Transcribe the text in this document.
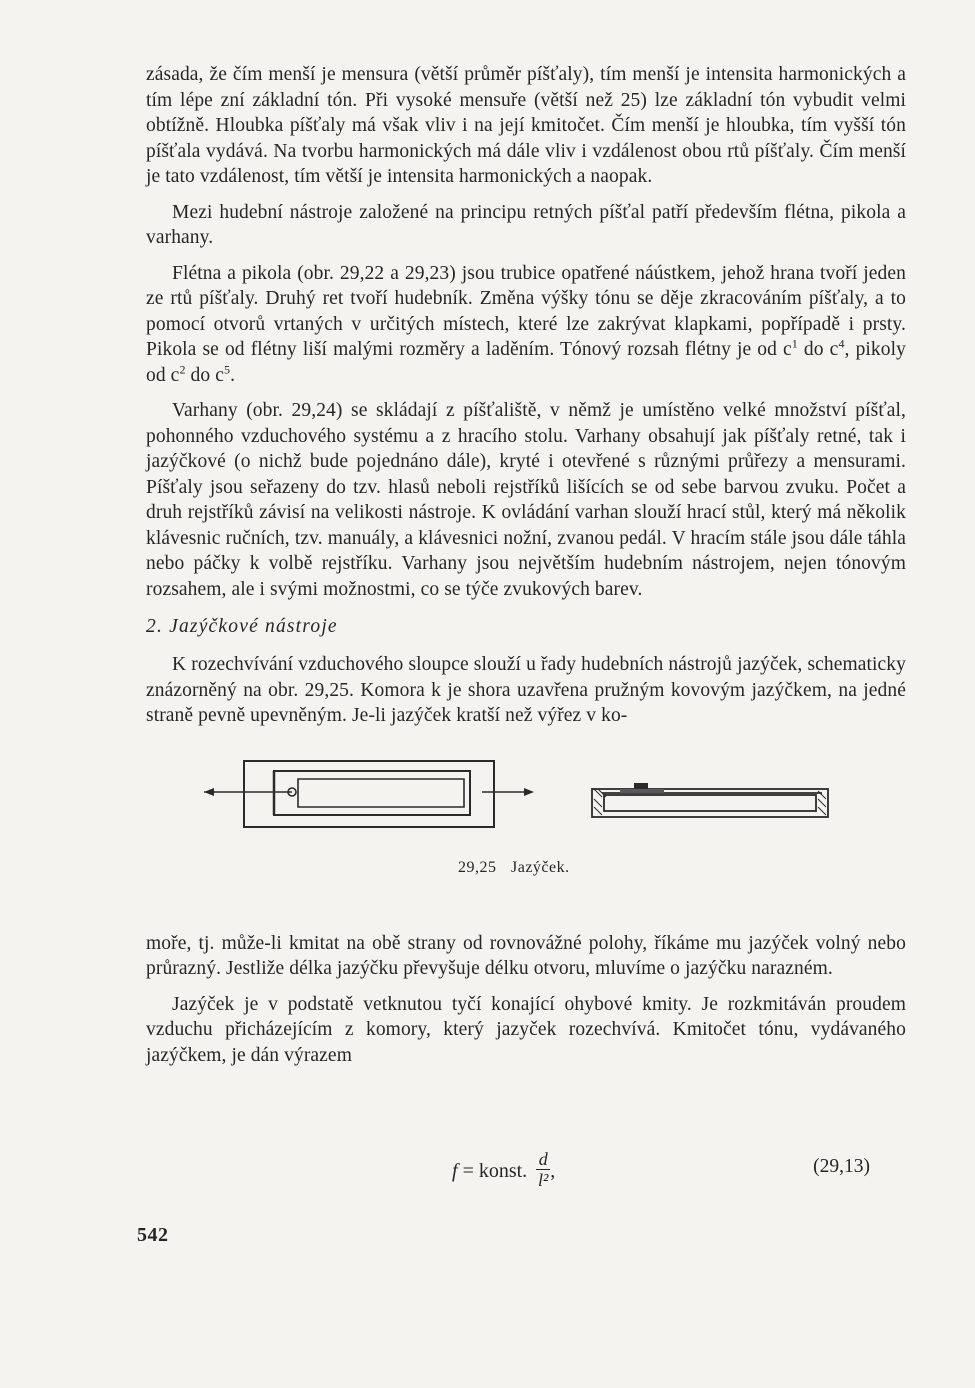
zásada, že čím menší je mensura (větší průměr píšťaly), tím menší je intensita harmonických a tím lépe zní základní tón. Při vysoké mensuře (větší než 25) lze základní tón vybudit velmi obtížně. Hloubka píšťaly má však vliv i na její kmitočet. Čím menší je hloubka, tím vyšší tón píšťala vydává. Na tvorbu harmonických má dále vliv i vzdálenost obou rtů píšťaly. Čím menší je tato vzdálenost, tím větší je intensita harmonických a naopak.

Mezi hudební nástroje založené na principu retných píšťal patří především flétna, pikola a varhany.

Flétna a pikola (obr. 29,22 a 29,23) jsou trubice opatřené náústkem, jehož hrana tvoří jeden ze rtů píšťaly. Druhý ret tvoří hudebník. Změna výšky tónu se děje zkracováním píšťaly, a to pomocí otvorů vrtaných v určitých místech, které lze zakrývat klapkami, popřípadě i prsty. Pikola se od flétny liší malými rozměry a laděním. Tónový rozsah flétny je od $c^1$ do $c^4$, pikoly od $c^2$ do $c^5$.

Varhany (obr. 29,24) se skládají z píšťaliště, v němž je umístěno velké množství píšťal, pohonného vzduchového systému a z hracího stolu. Varhany obsahují jak píšťaly retné, tak i jazýčkové (o nichž bude pojednáno dále), kryté i otevřené s různými průřezy a mensurami. Píšťaly jsou seřazeny do tzv. hlasů neboli rejstříků lišících se od sebe barvou zvuku. Počet a druh rejstříků závisí na velikosti nástroje. K ovládání varhan slouží hrací stůl, který má několik klávesnic ručních, tzv. manuály, a klávesnici nožní, zvanou pedál. V hracím stále jsou dále táhla nebo páčky k volbě rejstříku. Varhany jsou největším hudebním nástrojem, nejen tónovým rozsahem, ale i svými možnostmi, co se týče zvukových barev.

2. Jazýčkové nástroje

K rozechvívání vzduchového sloupce slouží u řady hudebních nástrojů jazýček, schematicky znázorněný na obr. 29,25. Komora k je shora uzavřena pružným kovovým jazýčkem, na jedné straně pevně upevněným. Je-li jazýček kratší než výřez v ko-

29,25 Jazýček.

moře, tj. může-li kmitat na obě strany od rovnovážné polohy, říkáme mu jazýček volný nebo průrazný. Jestliže délka jazýčku převyšuje délku otvoru, mluvíme o jazýčku narazném.

Jazýček je v podstatě vetknutou tyčí konající ohybové kmity. Je rozkmitáván proudem vzduchu přicházejícím z komory, který jazyček rozechvívá. Kmitočet tónu, vydávaného jazýčkem, je dán výrazem

f = konst. $\frac{d}{\text{l²}}$ ,	(29,13)
542
